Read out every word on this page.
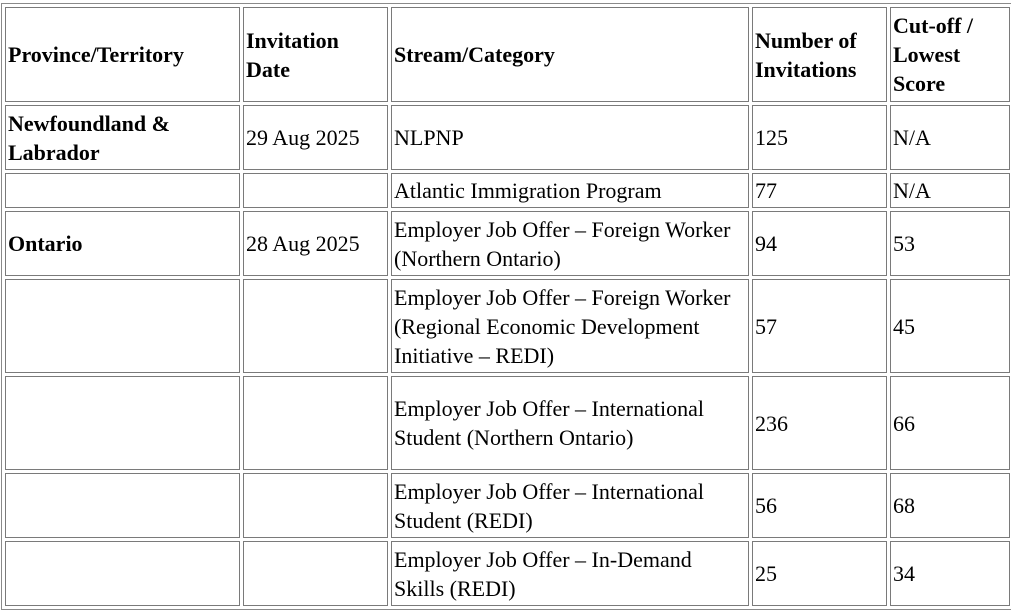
Province/Territory	Invitation Date	Stream/Category	Number of Invitations	Cut-off / Lowest Score
Newfoundland & Labrador	29 Aug 2025	NLPNP	125	N/A
		Atlantic Immigration Program	77	N/A
Ontario	28 Aug 2025	Employer Job Offer – Foreign Worker (Northern Ontario)	94	53
		Employer Job Offer – Foreign Worker (Regional Economic Development Initiative – REDI)	57	45
		Employer Job Offer – International Student (Northern Ontario)	236	66
		Employer Job Offer – International Student (REDI)	56	68
		Employer Job Offer – In-Demand Skills (REDI)	25	34
